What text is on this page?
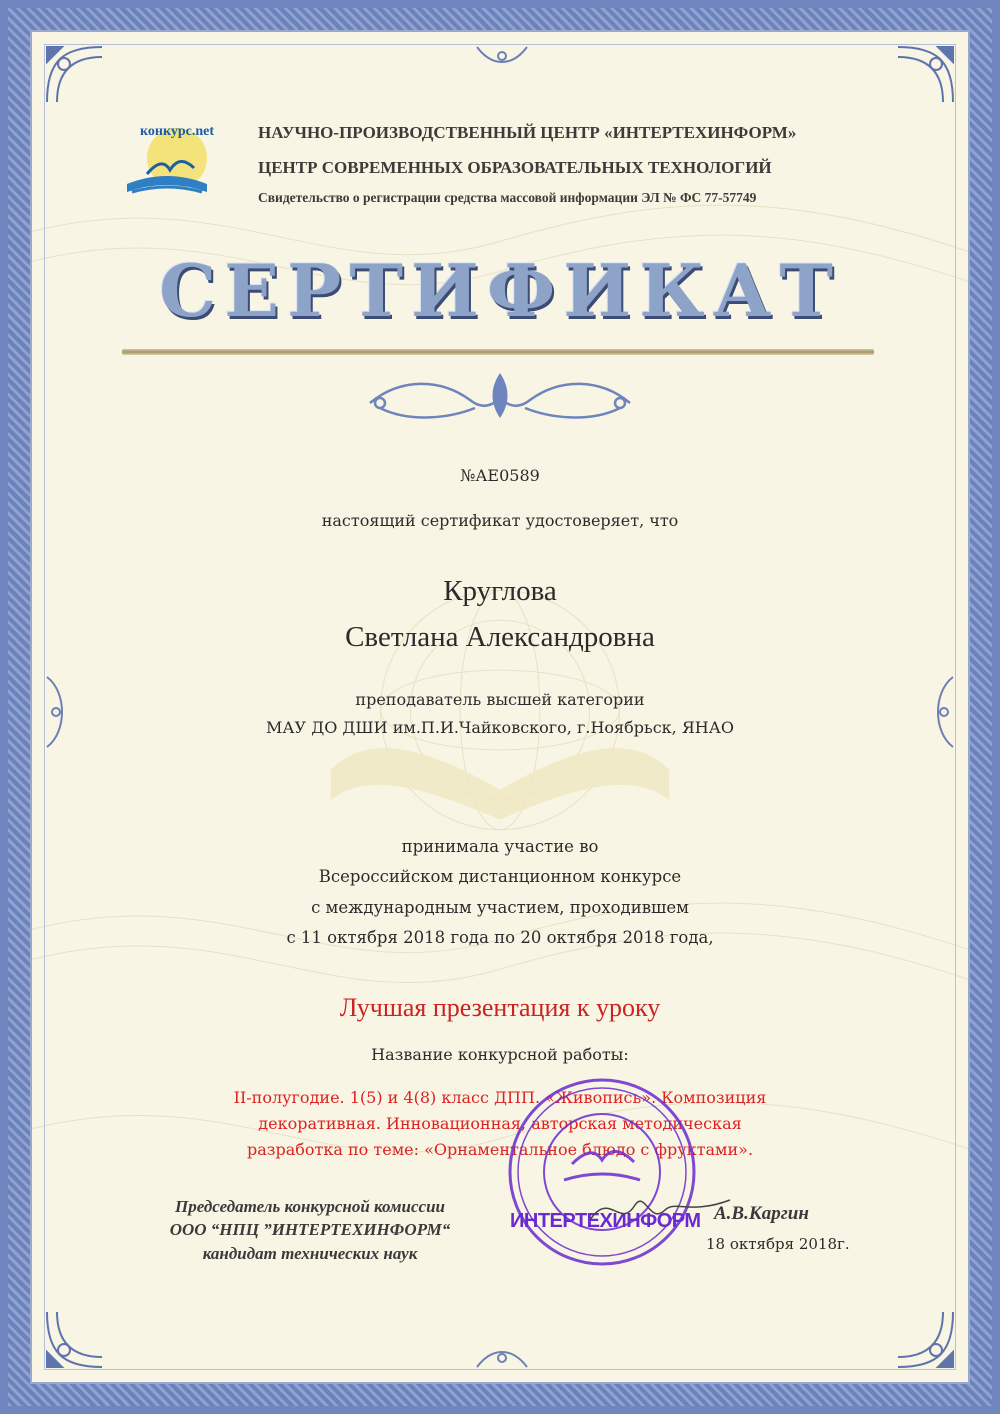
конкурс.net	НАУЧНО-ПРОИЗВОДСТВЕННЫЙ ЦЕНТР «ИНТЕРТЕХИНФОРМ»
ЦЕНТР СОВРЕМЕННЫХ ОБРАЗОВАТЕЛЬНЫХ ТЕХНОЛОГИЙ
Свидетельство о регистрации средства массовой информации ЭЛ № ФС 77-57749
СЕРТИФИКАТ
№АЕ0589
настоящий сертификат удостоверяет, что
Круглова
Светлана Александровна
преподаватель высшей категории
МАУ ДО ДШИ им.П.И.Чайковского, г.Ноябрьск, ЯНАО
принимала участие во
Всероссийском дистанционном конкурсе
с международным участием, проходившем
с 11 октября 2018 года по 20 октября 2018 года,
Лучшая презентация к уроку
Название конкурсной работы:
II-полугодие. 1(5) и 4(8) класс ДПП. «Живопись». Композиция
декоративная. Инновационная, авторская методическая
разработка по теме: «Орнаментальное блюдо с фруктами».
Председатель конкурсной комиссии
ООО “НПЦ ”ИНТЕРТЕХИНФОРМ“
кандидат технических наук
ИНТЕРТЕХИНФОРМ А.В.Каргин
18 октября 2018г.
